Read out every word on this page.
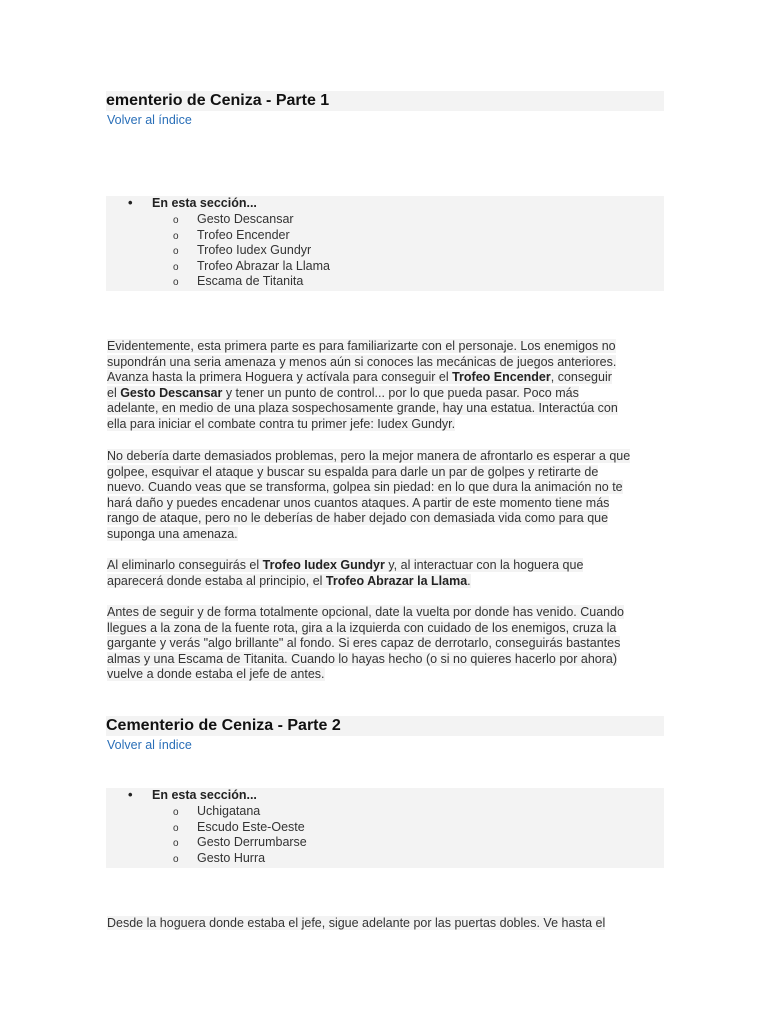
ementerio de Ceniza - Parte 1
Volver al índice
• En esta sección...
o Gesto Descansar
o Trofeo Encender
o Trofeo Iudex Gundyr
o Trofeo Abrazar la Llama
o Escama de Titanita
Evidentemente, esta primera parte es para familiarizarte con el personaje. Los enemigos no
supondrán una seria amenaza y menos aún si conoces las mecánicas de juegos anteriores.
Avanza hasta la primera Hoguera y actívala para conseguir el Trofeo Encender, conseguir
el Gesto Descansar y tener un punto de control... por lo que pueda pasar. Poco más
adelante, en medio de una plaza sospechosamente grande, hay una estatua. Interactúa con
ella para iniciar el combate contra tu primer jefe: Iudex Gundyr.
No debería darte demasiados problemas, pero la mejor manera de afrontarlo es esperar a que
golpee, esquivar el ataque y buscar su espalda para darle un par de golpes y retirarte de
nuevo. Cuando veas que se transforma, golpea sin piedad: en lo que dura la animación no te
hará daño y puedes encadenar unos cuantos ataques. A partir de este momento tiene más
rango de ataque, pero no le deberías de haber dejado con demasiada vida como para que
suponga una amenaza.
Al eliminarlo conseguirás el Trofeo Iudex Gundyr y, al interactuar con la hoguera que
aparecerá donde estaba al principio, el Trofeo Abrazar la Llama.
Antes de seguir y de forma totalmente opcional, date la vuelta por donde has venido. Cuando
llegues a la zona de la fuente rota, gira a la izquierda con cuidado de los enemigos, cruza la
gargante y verás "algo brillante" al fondo. Si eres capaz de derrotarlo, conseguirás bastantes
almas y una Escama de Titanita. Cuando lo hayas hecho (o si no quieres hacerlo por ahora)
vuelve a donde estaba el jefe de antes.
Cementerio de Ceniza - Parte 2
Volver al índice
• En esta sección...
o Uchigatana
o Escudo Este-Oeste
o Gesto Derrumbarse
o Gesto Hurra
Desde la hoguera donde estaba el jefe, sigue adelante por las puertas dobles. Ve hasta el
